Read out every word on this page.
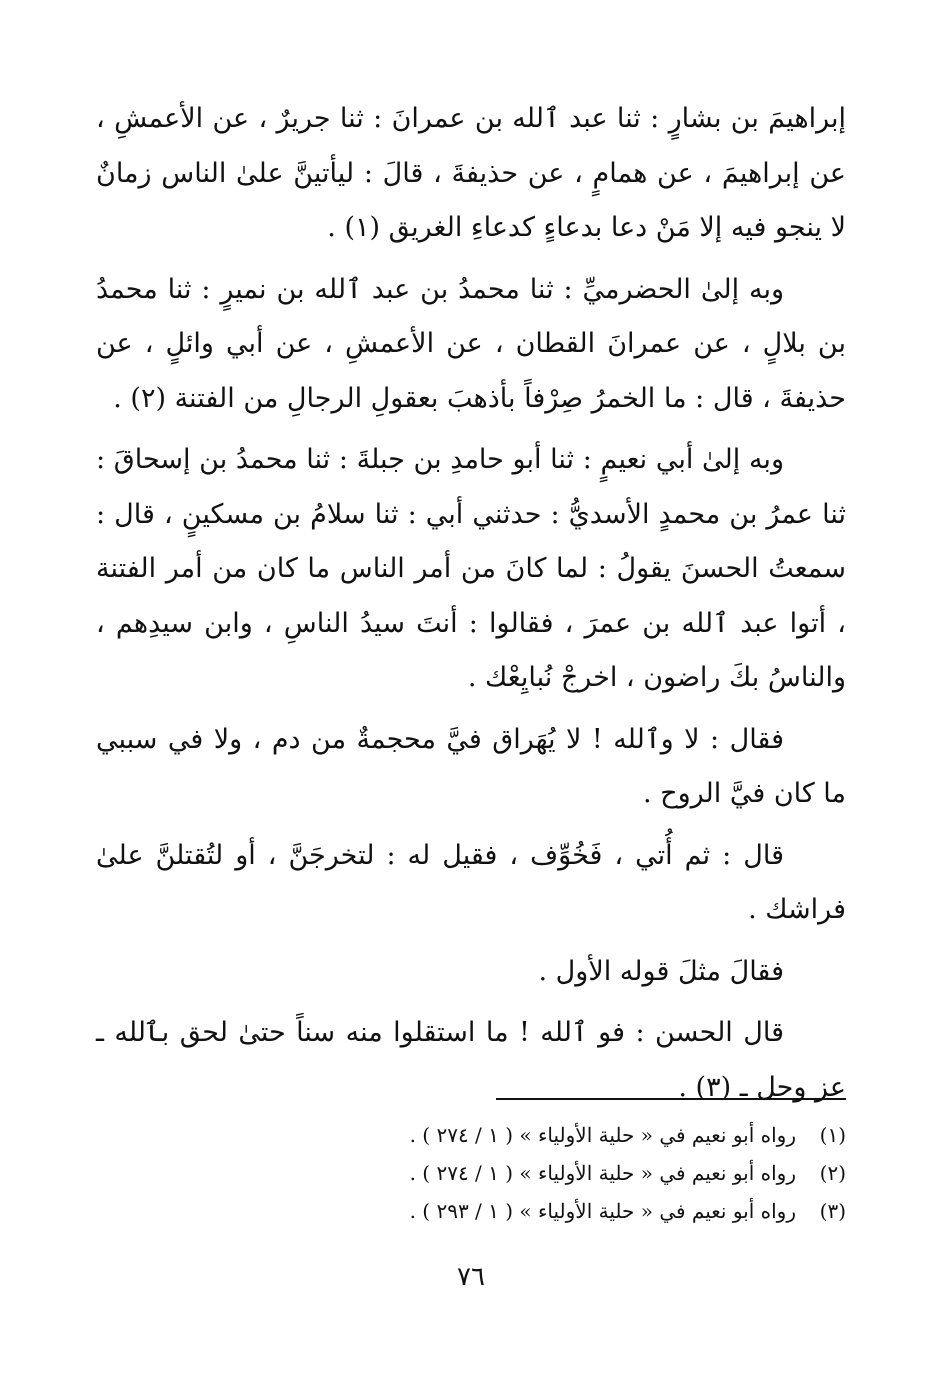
إبراهيمَ بن بشارٍ : ثنا عبد ٱلله بن عمرانَ : ثنا جريرٌ ، عن الأعمشِ ، عن إبراهيمَ ، عن همامٍ ، عن حذيفةَ ، قالَ : ليأتينَّ علىٰ الناس زمانٌ لا ينجو فيه إلا مَنْ دعا بدعاءٍ كدعاءِ الغريق (١) .

وبه إلىٰ الحضرميِّ : ثنا محمدُ بن عبد ٱلله بن نميرٍ : ثنا محمدُ بن بلالٍ ، عن عمرانَ القطان ، عن الأعمشِ ، عن أبي وائلٍ ، عن حذيفةَ ، قال : ما الخمرُ صِرْفاً بأذهبَ بعقولِ الرجالِ من الفتنة (٢) .

وبه إلىٰ أبي نعيمٍ : ثنا أبو حامدِ بن جبلةَ : ثنا محمدُ بن إسحاقَ : ثنا عمرُ بن محمدٍ الأسديُّ : حدثني أبي : ثنا سلامُ بن مسكينٍ ، قال : سمعتُ الحسنَ يقولُ : لما كانَ من أمر الناس ما كان من أمر الفتنة ، أتوا عبد ٱلله بن عمرَ ، فقالوا : أنتَ سيدُ الناسِ ، وابن سيدِهم ، والناسُ بكَ راضون ، اخرجْ نُبايِعْك .

فقال : لا وٱلله ! لا يُهَراق فيَّ محجمةٌ من دم ، ولا في سببي ما كان فيَّ الروح .

قال : ثم أُتي ، فَخُوِّف ، فقيل له : لتخرجَنَّ ، أو لتُقتلنَّ علىٰ فراشك .

فقالَ مثلَ قوله الأول .

قال الحسن : فو ٱلله ! ما استقلوا منه سناً حتىٰ لحق بٱلله ـ عز وجل ـ (٣) .

(١)رواه أبو نعيم في « حلية الأولياء » ( ١ / ٢٧٤ ) .
(٢)رواه أبو نعيم في « حلية الأولياء » ( ١ / ٢٧٤ ) .
(٣)رواه أبو نعيم في « حلية الأولياء » ( ١ / ٢٩٣ ) .
٧٦
